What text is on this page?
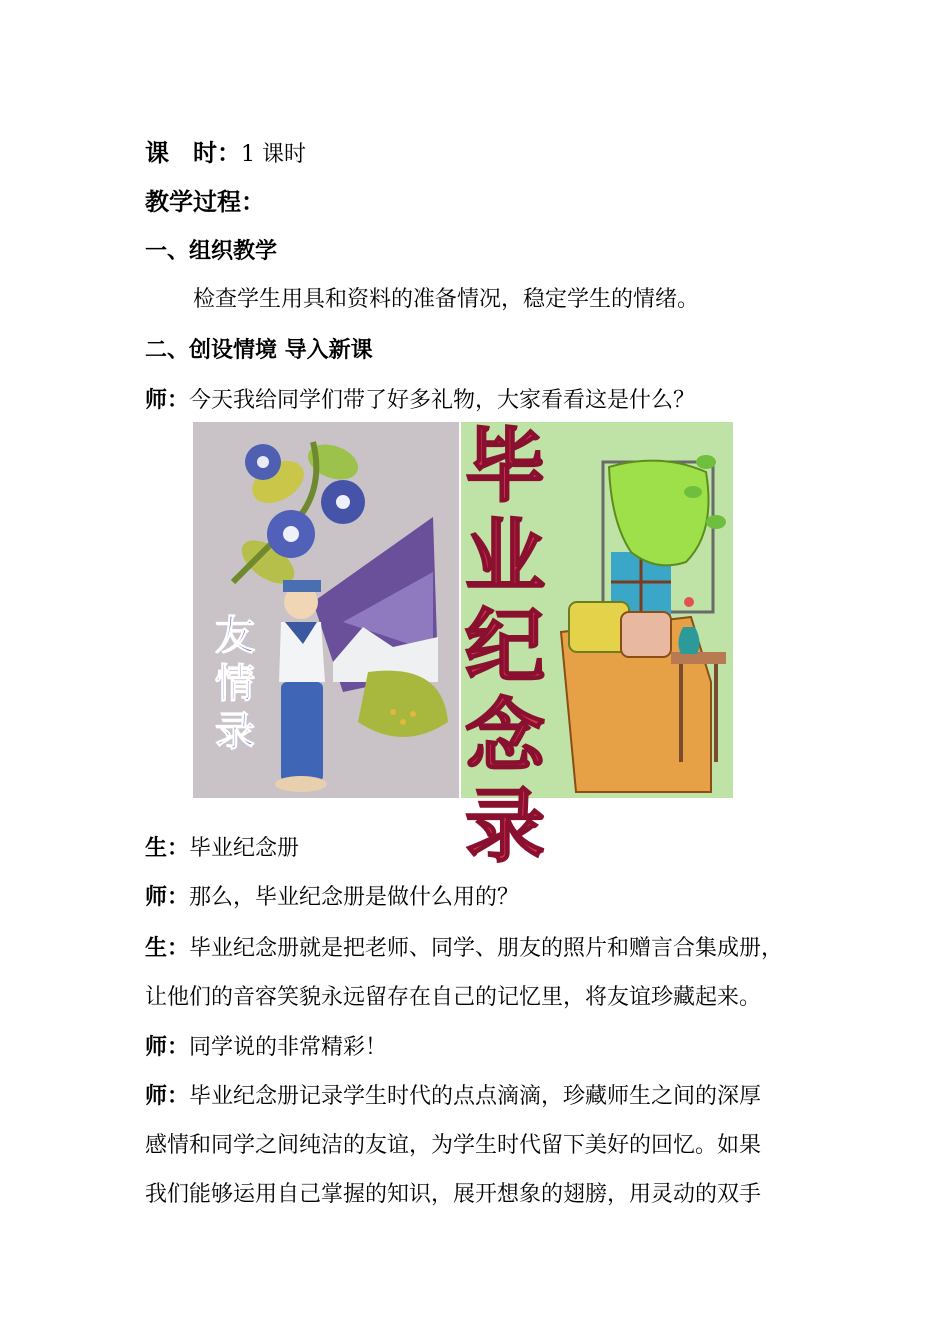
课　时：1 课时
教学过程：
一、组织教学
检查学生用具和资料的准备情况，稳定学生的情绪。
二、创设情境 导入新课
师：今天我给同学们带了好多礼物，大家看看这是什么？
友情录
毕业纪念录
生：毕业纪念册
师：那么，毕业纪念册是做什么用的？
生：毕业纪念册就是把老师、同学、朋友的照片和赠言合集成册，
让他们的音容笑貌永远留存在自己的记忆里，将友谊珍藏起来。
师：同学说的非常精彩！
师：毕业纪念册记录学生时代的点点滴滴，珍藏师生之间的深厚
感情和同学之间纯洁的友谊，为学生时代留下美好的回忆。如果
我们能够运用自己掌握的知识，展开想象的翅膀，用灵动的双手
